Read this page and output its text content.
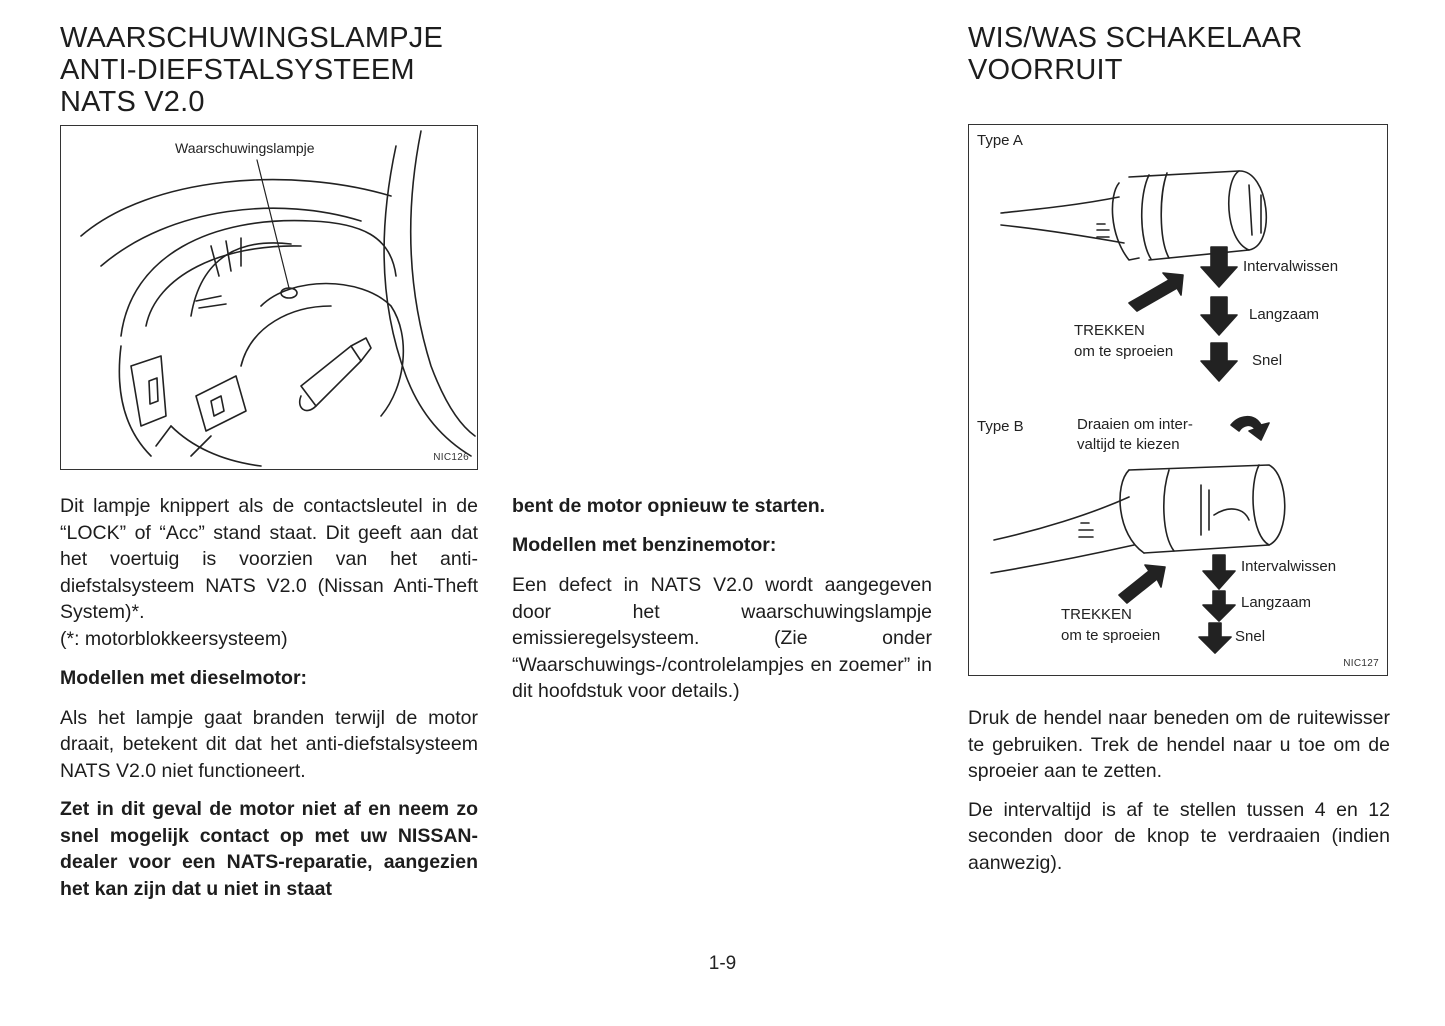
WAARSCHUWINGSLAMPJE
ANTI-DIEFSTALSYSTEEM
NATS V2.0
Waarschuwingslampje
NIC126

Dit lampje knippert als de contactsleutel in de “LOCK” of “Acc” stand staat. Dit geeft aan dat het voertuig is voorzien van het anti-diefstalsysteem NATS V2.0 (Nissan Anti-Theft System)*.

(*: motorblokkeersysteem)

Modellen met dieselmotor:

Als het lampje gaat branden terwijl de motor draait, betekent dit dat het anti-diefstalsysteem NATS V2.0 niet functioneert.

Zet in dit geval de motor niet af en neem zo snel mogelijk contact op met uw NISSAN-dealer voor een NATS-reparatie, aangezien het kan zijn dat u niet in staat

bent de motor opnieuw te starten.

Modellen met benzinemotor:

Een defect in NATS V2.0 wordt aangegeven door het waarschuwingslampje emissieregelsysteem. (Zie onder “Waarschuwings-/controlelampjes en zoemer” in dit hoofdstuk voor details.)

WIS/WAS SCHAKELAAR
VOORRUIT
Type A
Intervalwissen
Langzaam
Snel
TREKKEN
om te sproeien
Type B	Draaien om inter-
valtijd te kiezen
Intervalwissen
Langzaam
Snel
TREKKEN
om te sproeien
NIC127

Druk de hendel naar beneden om de ruitewisser te gebruiken. Trek de hendel naar u toe om de sproeier aan te zetten.

De intervaltijd is af te stellen tussen 4 en 12 seconden door de knop te verdraaien (indien aanwezig).

1-9
